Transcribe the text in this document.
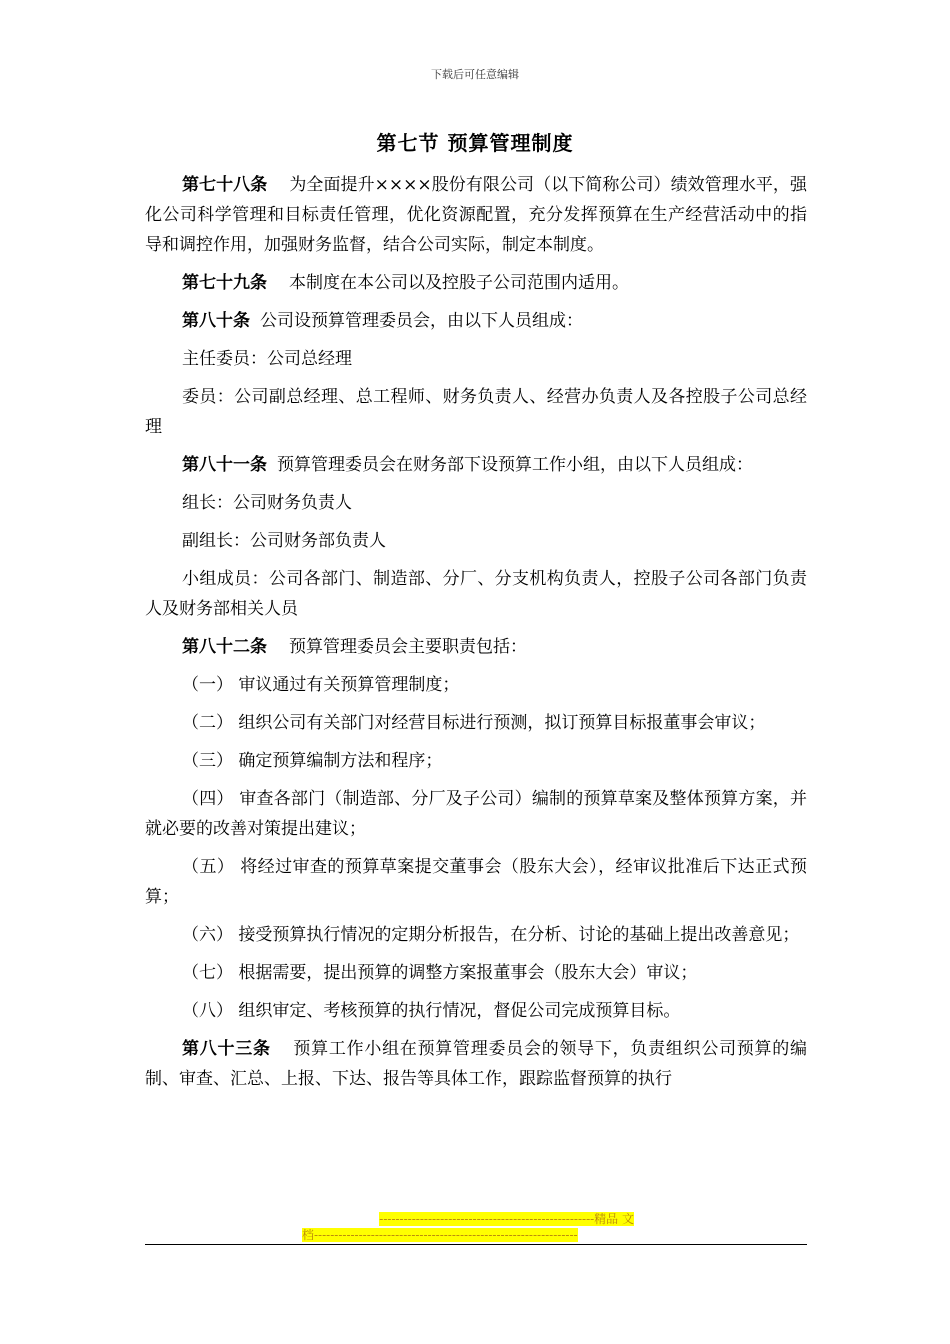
下载后可任意编辑
第七节 预算管理制度

第七十八条 为全面提升××××股份有限公司（以下简称公司）绩效管理水平，强化公司科学管理和目标责任管理，优化资源配置，充分发挥预算在生产经营活动中的指导和调控作用，加强财务监督，结合公司实际，制定本制度。

第七十九条 本制度在本公司以及控股子公司范围内适用。

第八十条 公司设预算管理委员会，由以下人员组成：

主任委员：公司总经理

委员：公司副总经理、总工程师、财务负责人、经营办负责人及各控股子公司总经理

第八十一条 预算管理委员会在财务部下设预算工作小组，由以下人员组成：

组长：公司财务负责人

副组长：公司财务部负责人

小组成员：公司各部门、制造部、分厂、分支机构负责人，控股子公司各部门负责人及财务部相关人员

第八十二条 预算管理委员会主要职责包括：

（一） 审议通过有关预算管理制度；

（二） 组织公司有关部门对经营目标进行预测，拟订预算目标报董事会审议；

（三） 确定预算编制方法和程序；

（四） 审查各部门（制造部、分厂及子公司）编制的预算草案及整体预算方案，并就必要的改善对策提出建议；

（五） 将经过审查的预算草案提交董事会（股东大会），经审议批准后下达正式预算；

（六） 接受预算执行情况的定期分析报告，在分析、讨论的基础上提出改善意见；

（七） 根据需要，提出预算的调整方案报董事会（股东大会）审议；

（八） 组织审定、考核预算的执行情况，督促公司完成预算目标。

第八十三条 预算工作小组在预算管理委员会的领导下，负责组织公司预算的编制、审查、汇总、上报、下达、报告等具体工作，跟踪监督预算的执行

-----------------------------------------------------精品 文
档-----------------------------------------------------------------
